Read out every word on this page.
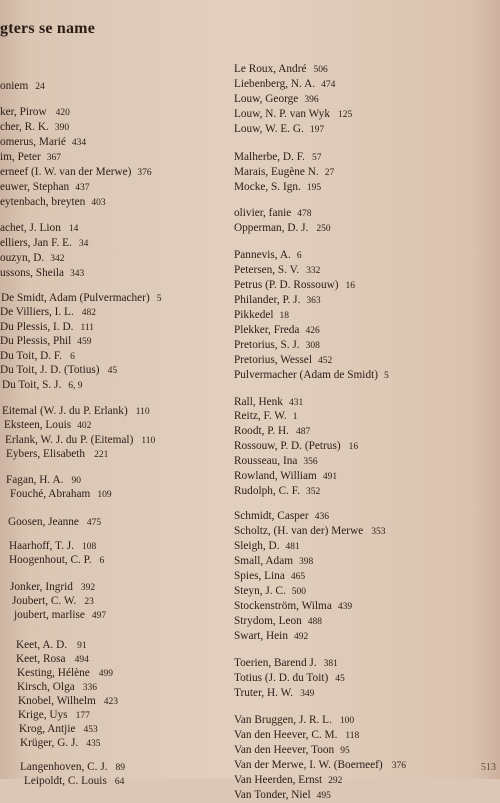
gters se name
oniem 24
ker, Pirow 420
cher, R. K. 390
omerus, Marié 434
im, Peter 367
erneef (I. W. van der Merwe) 376
euwer, Stephan 437
eytenbach, breyten 403
achet, J. Lion 14
elliers, Jan F. E. 34
ouzyn, D. 342
ussons, Sheila 343
De Smidt, Adam (Pulvermacher) 5
De Villiers, I. L. 482
Du Plessis, I. D. 111
Du Plessis, Phil 459
Du Toit, D. F. 6
Du Toit, J. D. (Totius) 45
Du Toit, S. J. 6, 9
Eitemal (W. J. du P. Erlank) 110
Eksteen, Louis 402
Erlank, W. J. du P. (Eitemal) 110
Eybers, Elisabeth 221
Fagan, H. A. 90
Fouché, Abraham 109
Goosen, Jeanne 475
Haarhoff, T. J. 108
Hoogenhout, C. P. 6
Jonker, Ingrid 392
Joubert, C. W. 23
joubert, marlise 497
Keet, A. D. 91
Keet, Rosa 494
Kesting, Hélène 499
Kirsch, Olga 336
Knobel, Wilhelm 423
Krige, Uys 177
Krog, Antjie 453
Krüger, G. J. 435
Langenhoven, C. J. 89
Leipoldt, C. Louis 64
Le Roux, André 506
Liebenberg, N. A. 474
Louw, George 396
Louw, N. P. van Wyk 125
Louw, W. E. G. 197
Malherbe, D. F. 57
Marais, Eugène N. 27
Mocke, S. Ign. 195
olivier, fanie 478
Opperman, D. J. 250
Pannevis, A. 6
Petersen, S. V. 332
Petrus (P. D. Rossouw) 16
Philander, P. J. 363
Pikkedel 18
Plekker, Freda 426
Pretorius, S. J. 308
Pretorius, Wessel 452
Pulvermacher (Adam de Smidt) 5
Rall, Henk 431
Reitz, F. W. 1
Roodt, P. H. 487
Rossouw, P. D. (Petrus) 16
Rousseau, Ina 356
Rowland, William 491
Rudolph, C. F. 352
Schmidt, Casper 436
Scholtz, (H. van der) Merwe 353
Sleigh, D. 481
Small, Adam 398
Spies, Lina 465
Steyn, J. C. 500
Stockenström, Wilma 439
Strydom, Leon 488
Swart, Hein 492
Toerien, Barend J. 381
Totius (J. D. du Toit) 45
Truter, H. W. 349
Van Bruggen, J. R. L. 100
Van den Heever, C. M. 118
Van den Heever, Toon 95
Van der Merwe, I. W. (Boerneef) 376
Van Heerden, Ernst 292
Van Tonder, Niel 495
513
